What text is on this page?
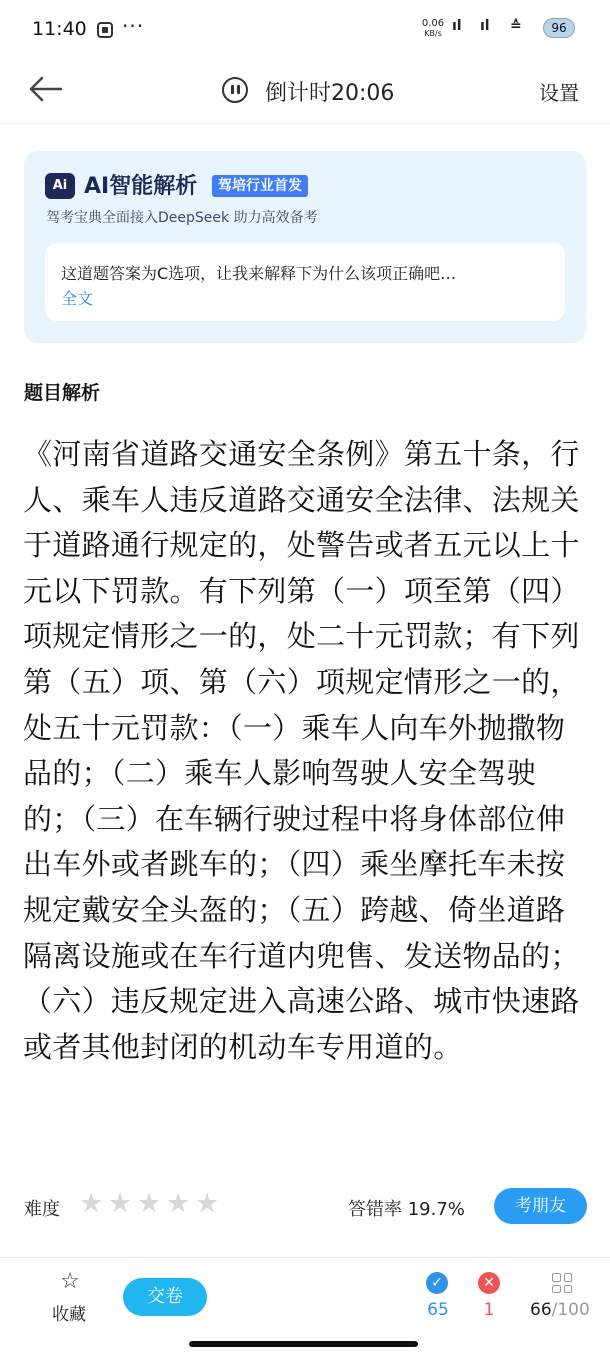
11:40 ···	0.06
KB/s ıl ıl ≙	96
倒计时20:06	设置
Ai AI智能解析	驾培行业首发
驾考宝典全面接入DeepSeek 助力高效备考
这道题答案为C选项，让我来解释下为什么该项正确吧…
全文
题目解析
《河南省道路交通安全条例》第五十条，行人、乘车人违反道路交通安全法律、法规关于道路通行规定的，处警告或者五元以上十元以下罚款。有下列第（一）项至第（四）项规定情形之一的，处二十元罚款；有下列第（五）项、第（六）项规定情形之一的，处五十元罚款：（一）乘车人向车外抛撒物品的；（二）乘车人影响驾驶人安全驾驶的；（三）在车辆行驶过程中将身体部位伸出车外或者跳车的；（四）乘坐摩托车未按规定戴安全头盔的；（五）跨越、倚坐道路隔离设施或在车行道内兜售、发送物品的；（六）违反规定进入高速公路、城市快速路或者其他封闭的机动车专用道的。
难度 ★ ★ ★ ★ ★	答错率 19.7%	考朋友
☆
收藏
交卷
✓
65
✕
1	66/100
